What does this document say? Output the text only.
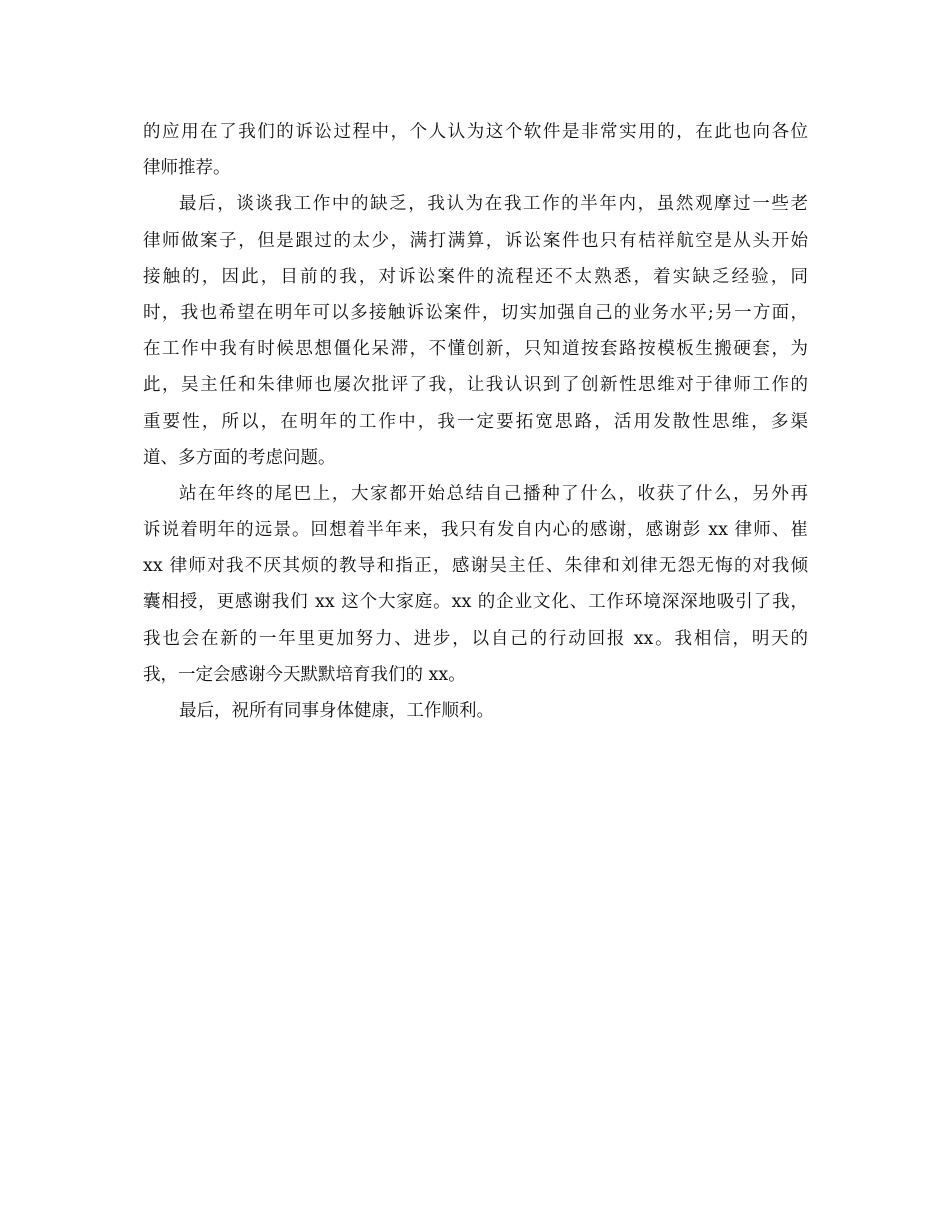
的应用在了我们的诉讼过程中，个人认为这个软件是非常实用的，在此也向各位
律师推荐。
最后，谈谈我工作中的缺乏，我认为在我工作的半年内，虽然观摩过一些老
律师做案子，但是跟过的太少，满打满算，诉讼案件也只有桔祥航空是从头开始
接触的，因此，目前的我，对诉讼案件的流程还不太熟悉，着实缺乏经验，同
时，我也希望在明年可以多接触诉讼案件，切实加强自己的业务水平;另一方面，
在工作中我有时候思想僵化呆滞，不懂创新，只知道按套路按模板生搬硬套，为
此，吴主任和朱律师也屡次批评了我，让我认识到了创新性思维对于律师工作的
重要性，所以，在明年的工作中，我一定要拓宽思路，活用发散性思维，多渠
道、多方面的考虑问题。
站在年终的尾巴上，大家都开始总结自己播种了什么，收获了什么，另外再
诉说着明年的远景。回想着半年来，我只有发自内心的感谢，感谢彭 xx 律师、崔
xx 律师对我不厌其烦的教导和指正，感谢吴主任、朱律和刘律无怨无悔的对我倾
囊相授，更感谢我们 xx 这个大家庭。xx 的企业文化、工作环境深深地吸引了我，
我也会在新的一年里更加努力、进步，以自己的行动回报 xx。我相信，明天的
我，一定会感谢今天默默培育我们的 xx。
最后，祝所有同事身体健康，工作顺利。
